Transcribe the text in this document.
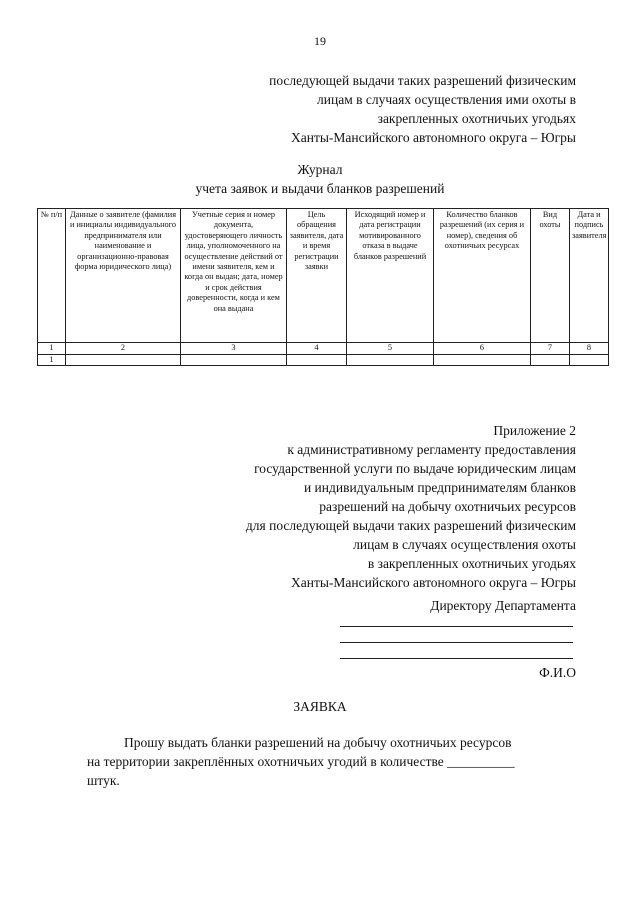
19
последующей выдачи таких разрешений физическим
лицам в случаях осуществления ими охоты в
закрепленных охотничьих угодьях
Ханты-Мансийского автономного округа – Югры
Журнал
учета заявок и выдачи бланков разрешений
№ п/п	Данные о заявителе (фамилия и инициалы индивидуального предпринимателя или наименование и организационно-правовая форма юридического лица)	Учетные серия и номер документа, удостоверяющего личность лица, уполномоченного на осуществление действий от имени заявителя, кем и когда он выдан; дата, номер и срок действия доверенности, когда и кем она выдана	Цель обращения заявителя, дата и время регистрации заявки	Исходящий номер и дата регистрации мотивированного отказа в выдаче бланков разрешений	Количество бланков разрешений (их серия и номер), сведения об охотничьих ресурсах	Вид охоты	Дата и подпись заявителя
1	2	3	4	5	6	7	8
1							
Приложение 2
к административному регламенту предоставления
государственной услуги по выдаче юридическим лицам
и индивидуальным предпринимателям бланков
разрешений на добычу охотничьих ресурсов
для последующей выдачи таких разрешений физическим
лицам в случаях осуществления охоты
в закрепленных охотничьих угодьях
Ханты-Мансийского автономного округа – Югры
Директору Департамента
Ф.И.О
ЗАЯВКА
Прошу выдать бланки разрешений на добычу охотничьих ресурсов
на территории закреплённых охотничьих угодий в количестве __________
штук.
